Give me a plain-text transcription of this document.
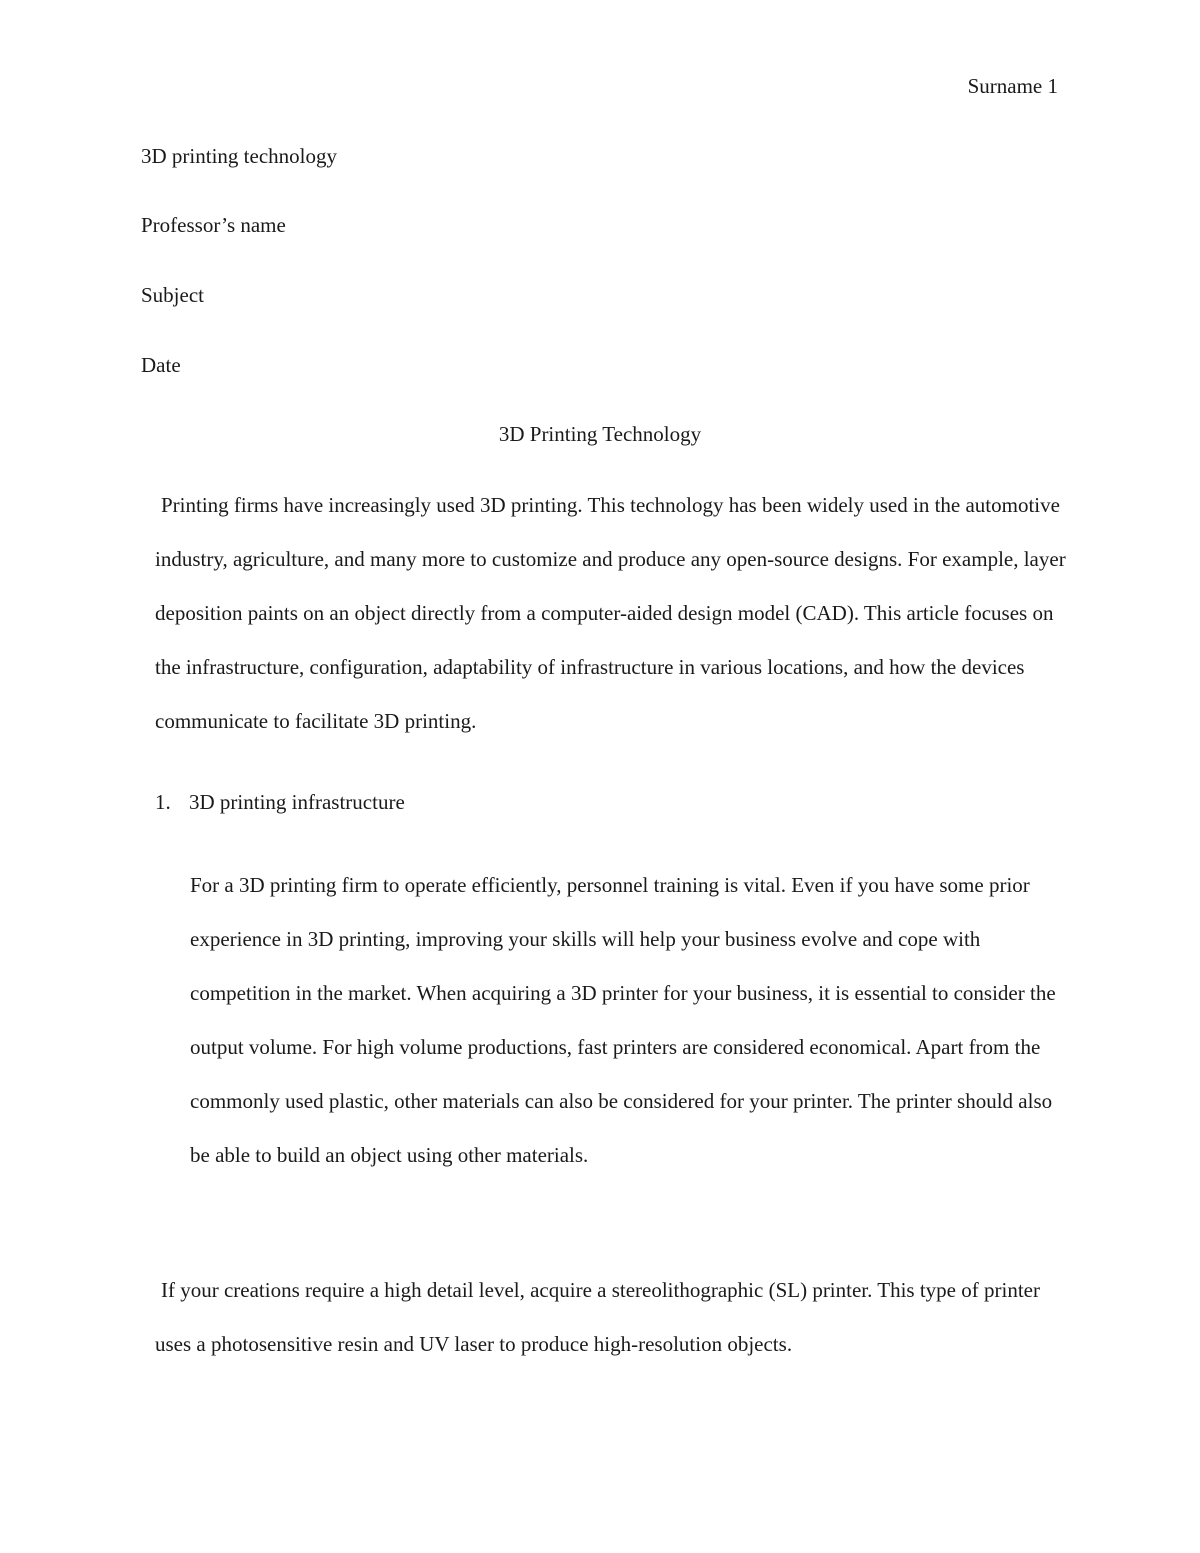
Surname 1

3D printing technology

Professor’s name

Subject

Date

3D Printing Technology

Printing firms have increasingly used 3D printing. This technology has been widely used in the automotive industry, agriculture, and many more to customize and produce any open-source designs. For example, layer deposition paints on an object directly from a computer-aided design model (CAD). This article focuses on the infrastructure, configuration, adaptability of infrastructure in various locations, and how the devices communicate to facilitate 3D printing.

1. 3D printing infrastructure

For a 3D printing firm to operate efficiently, personnel training is vital. Even if you have some prior experience in 3D printing, improving your skills will help your business evolve and cope with competition in the market. When acquiring a 3D printer for your business, it is essential to consider the output volume. For high volume productions, fast printers are considered economical. Apart from the commonly used plastic, other materials can also be considered for your printer. The printer should also be able to build an object using other materials.

If your creations require a high detail level, acquire a stereolithographic (SL) printer. This type of printer uses a photosensitive resin and UV laser to produce high-resolution objects.
